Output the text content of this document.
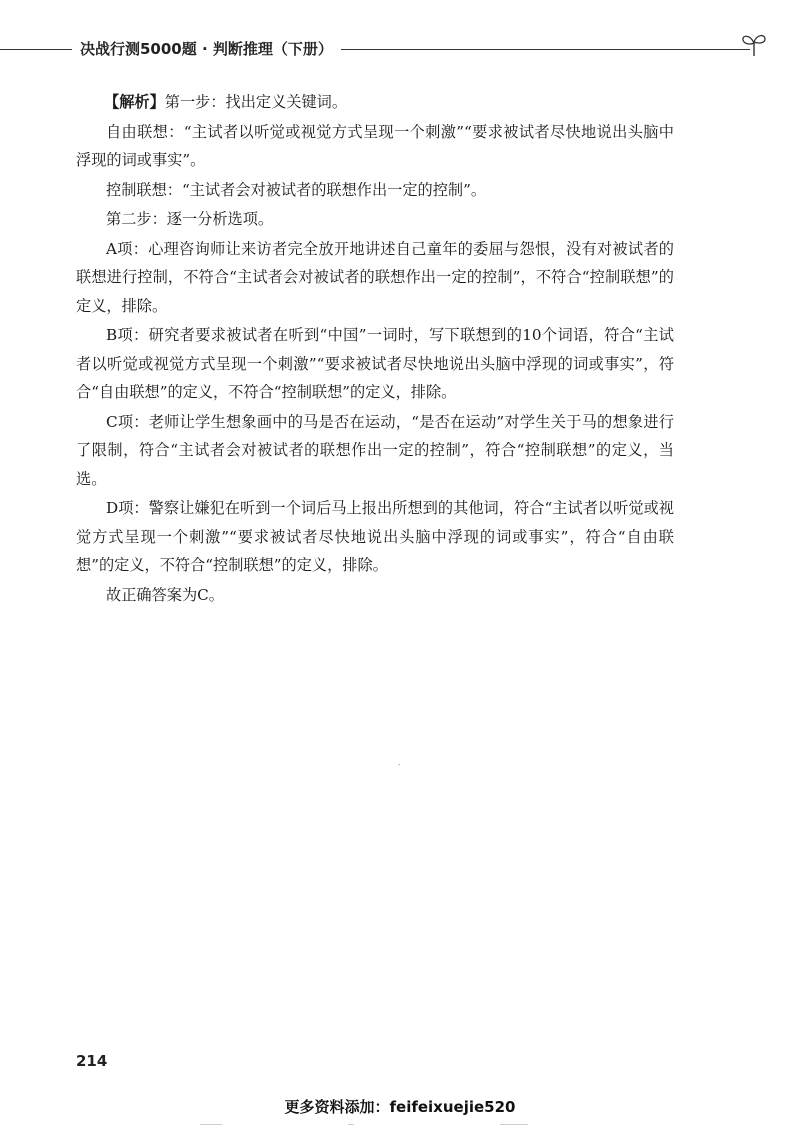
决战行测5000题 · 判断推理（下册）

【解析】第一步：找出定义关键词。

自由联想：“主试者以听觉或视觉方式呈现一个刺激”“要求被试者尽快地说出头脑中浮现的词或事实”。

控制联想：“主试者会对被试者的联想作出一定的控制”。

第二步：逐一分析选项。

A项：心理咨询师让来访者完全放开地讲述自己童年的委屈与怨恨，没有对被试者的联想进行控制，不符合“主试者会对被试者的联想作出一定的控制”，不符合“控制联想”的定义，排除。

B项：研究者要求被试者在听到“中国”一词时，写下联想到的10个词语，符合“主试者以听觉或视觉方式呈现一个刺激”“要求被试者尽快地说出头脑中浮现的词或事实”，符合“自由联想”的定义，不符合“控制联想”的定义，排除。

C项：老师让学生想象画中的马是否在运动，“是否在运动”对学生关于马的想象进行了限制，符合“主试者会对被试者的联想作出一定的控制”，符合“控制联想”的定义，当选。

D项：警察让嫌犯在听到一个词后马上报出所想到的其他词，符合“主试者以听觉或视觉方式呈现一个刺激”“要求被试者尽快地说出头脑中浮现的词或事实”，符合“自由联想”的定义，不符合“控制联想”的定义，排除。

故正确答案为C。

214
更多资料添加：feifeixuejie520
